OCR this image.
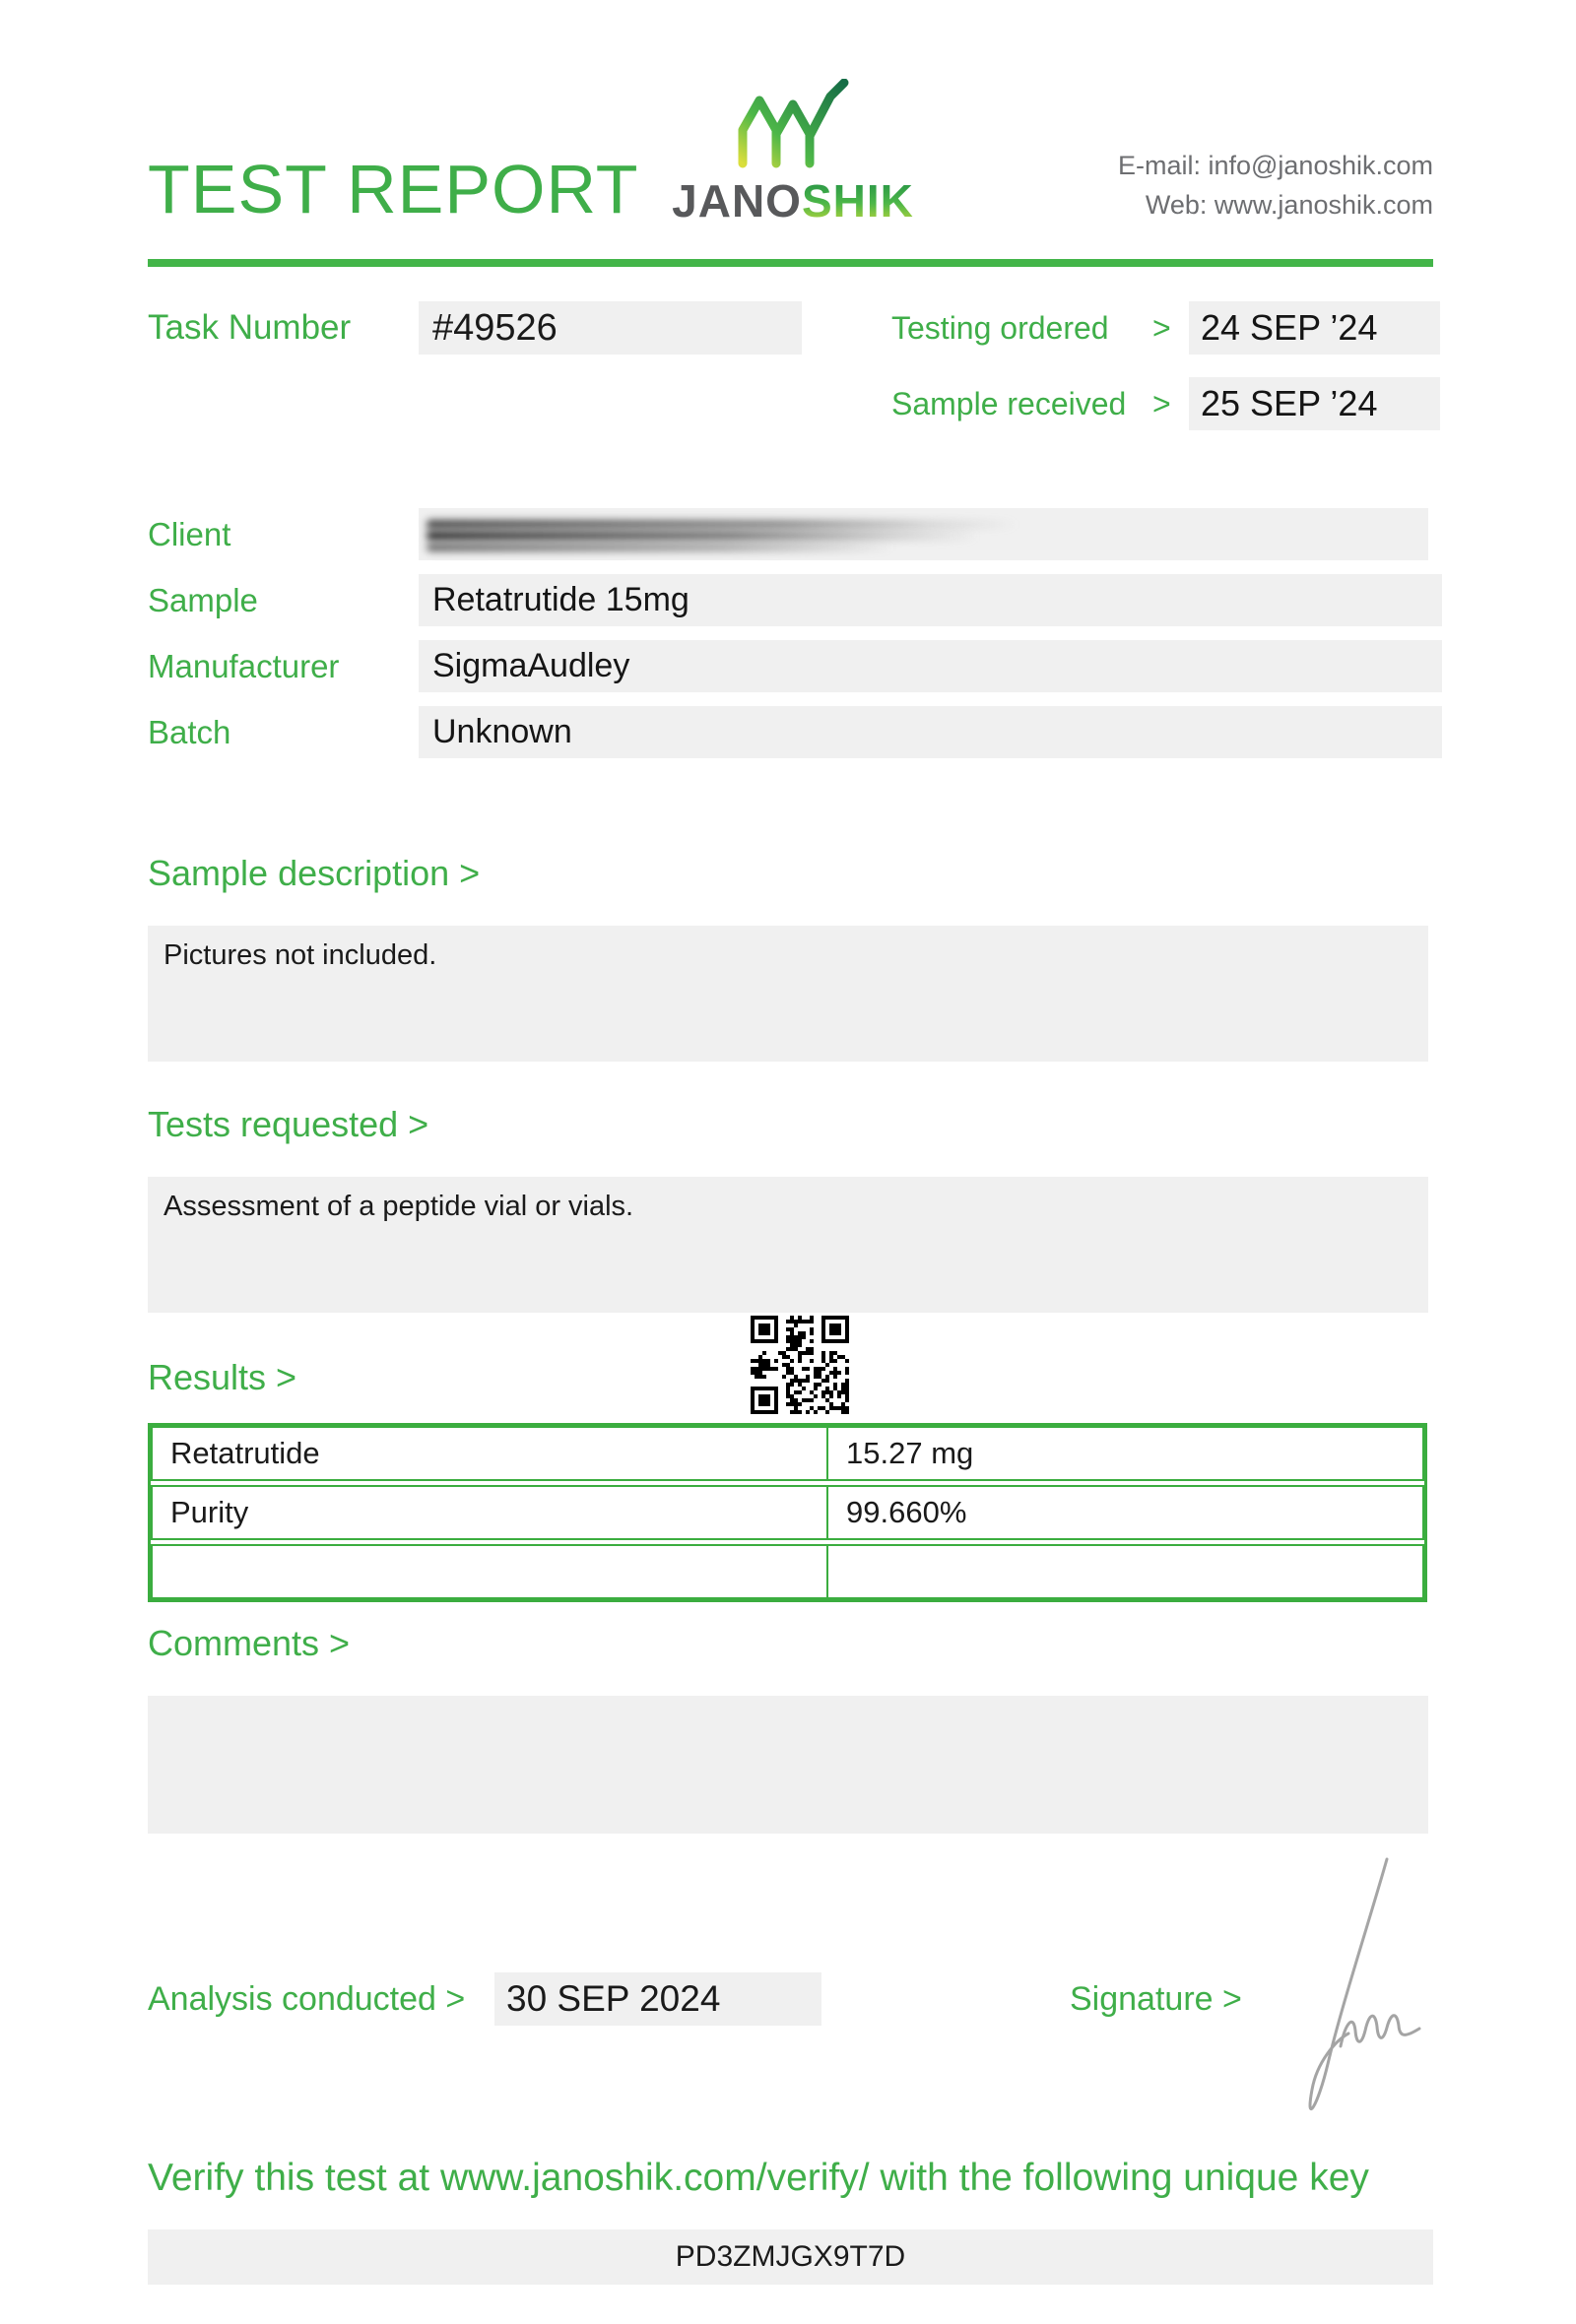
TEST REPORT JANOSHIK
E-mail: info@janoshik.com
Web: www.janoshik.com
Task Number	#49526	Testing ordered > 24 SEP ’24
Sample received > 25 SEP ’24
Client
Sample	Retatrutide 15mg
Manufacturer	SigmaAudley
Batch	Unknown
Sample description >
Pictures not included.
Tests requested >
Assessment of a peptide vial or vials.
Results >
Retatrutide	15.27 mg
Purity	99.660%
Comments >
Analysis conducted >	30 SEP 2024	Signature >
Verify this test at www.janoshik.com/verify/ with the following unique key
PD3ZMJGX9T7D
